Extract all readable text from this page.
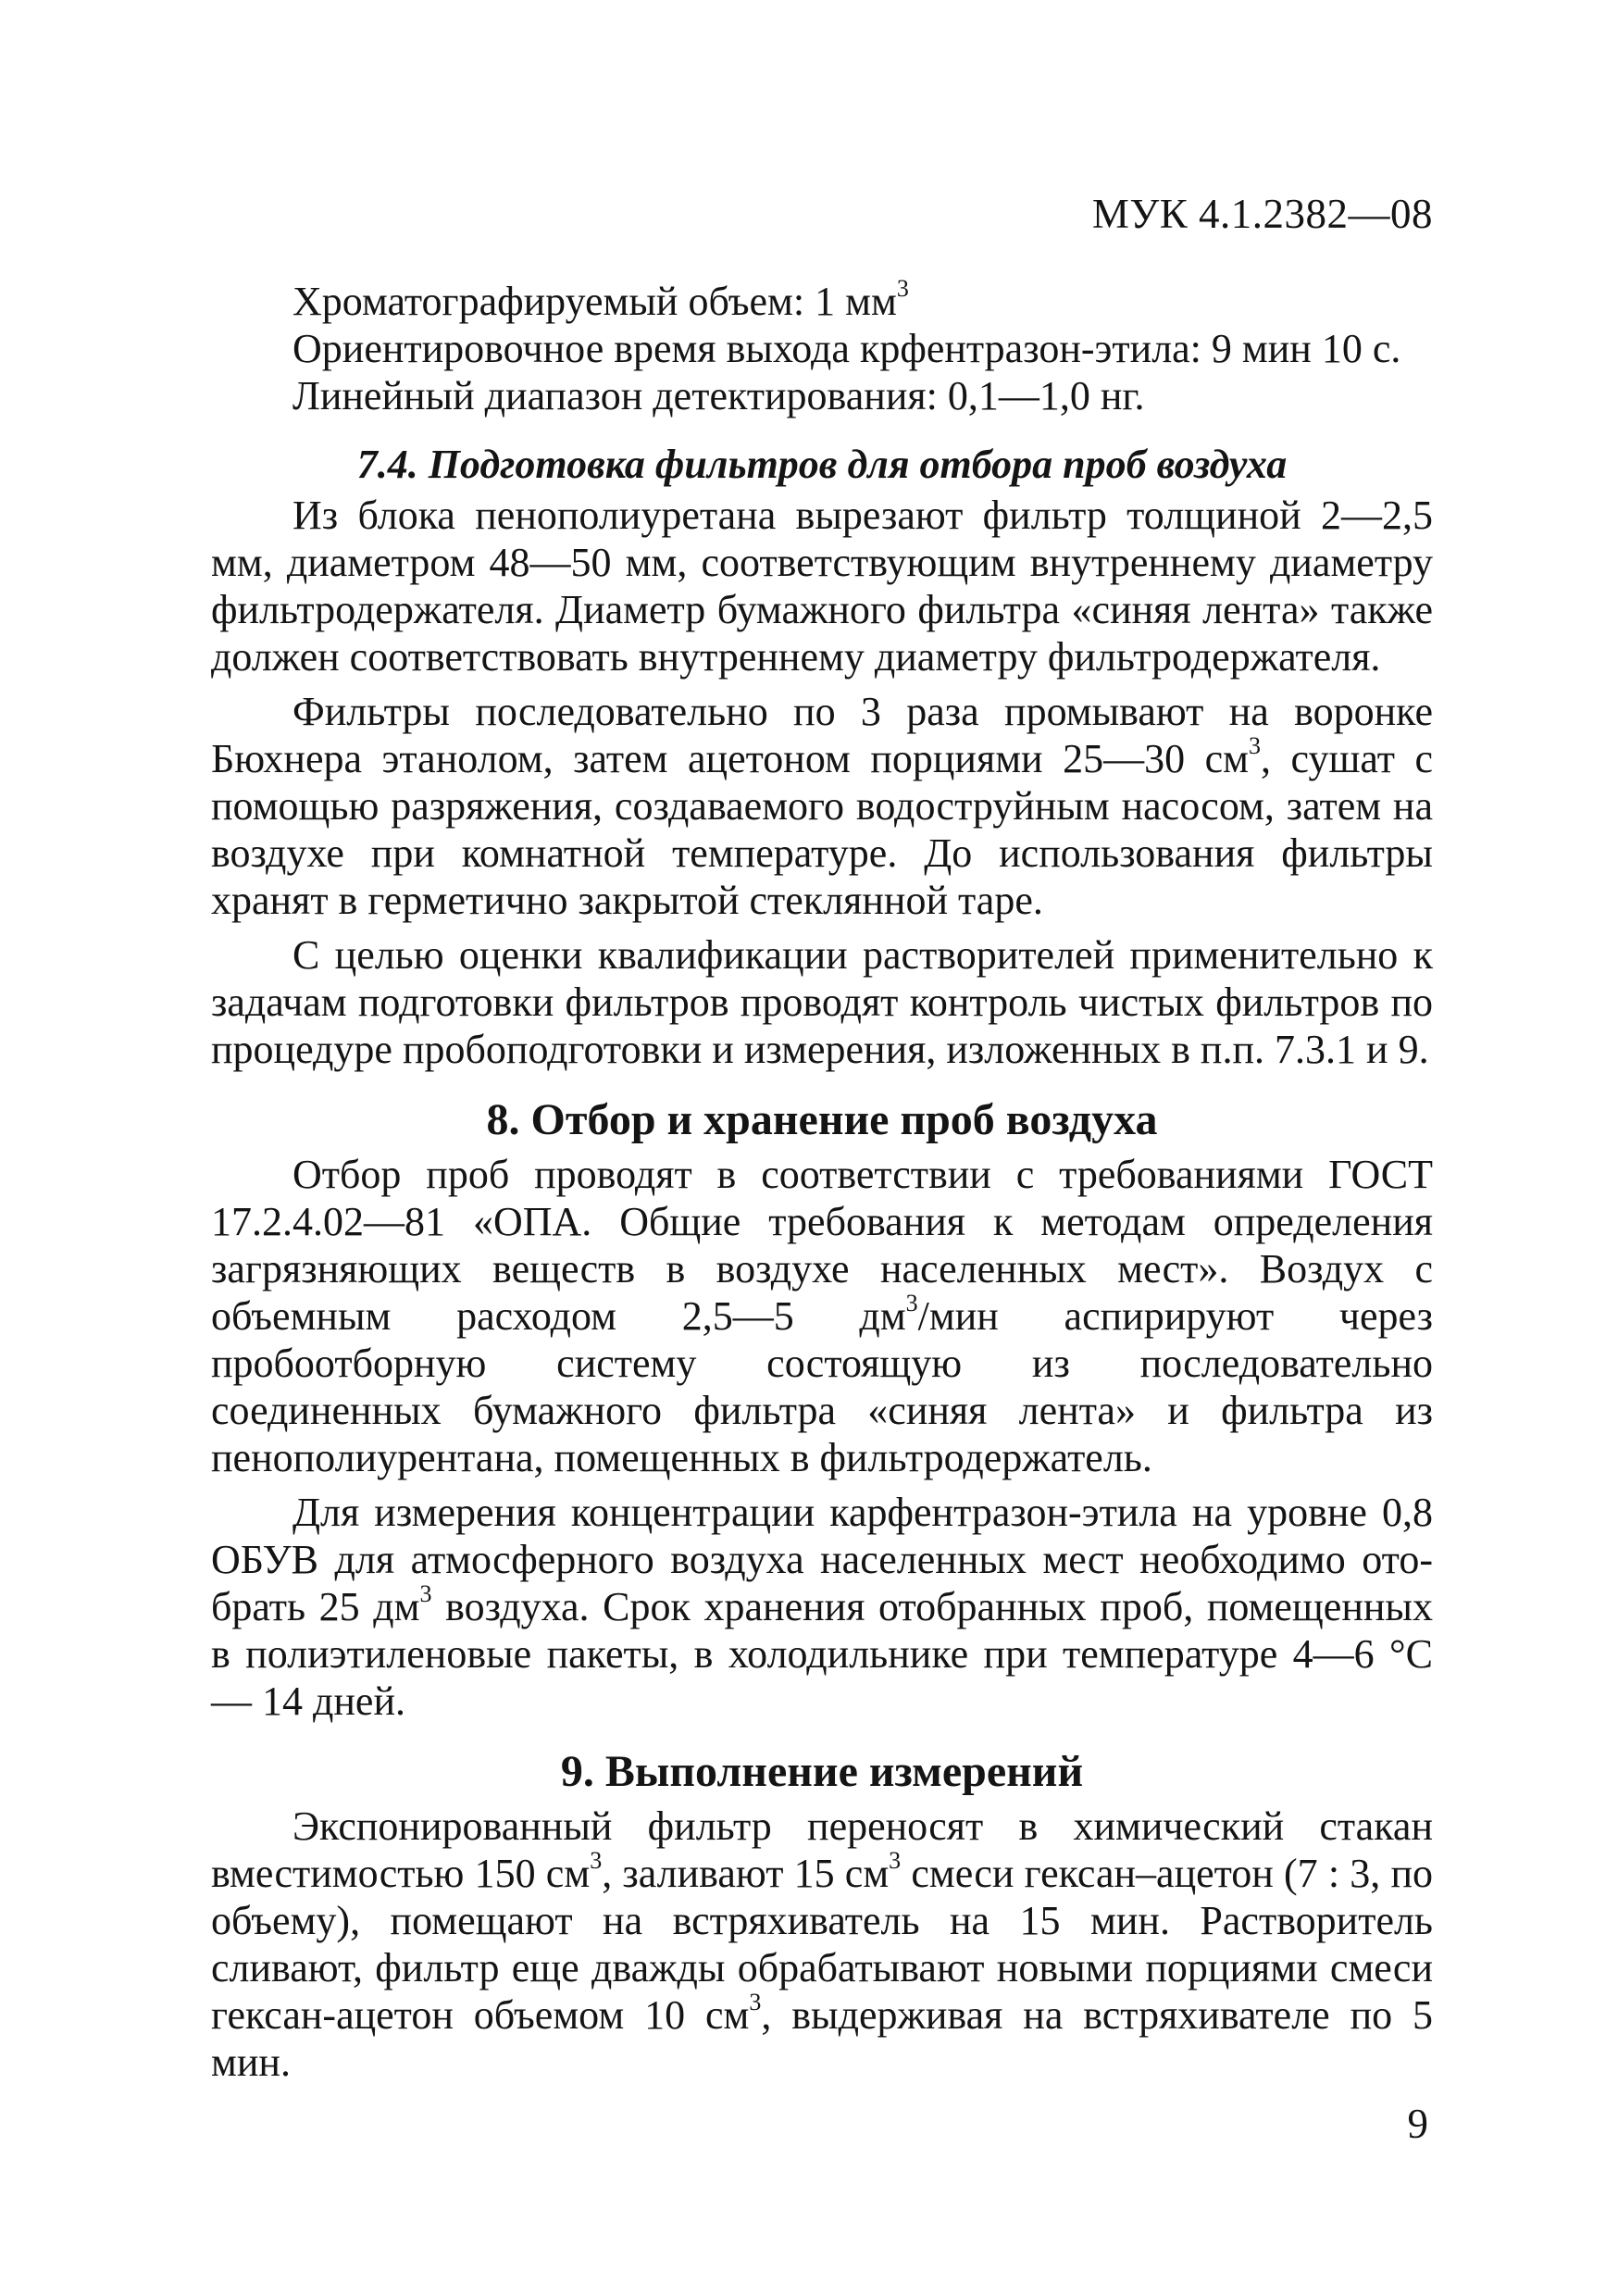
МУК 4.1.2382—08
Хроматографируемый объем: 1 $мм^3$
Ориентировочное время выхода крфентразон-этила: 9 мин 10 с.
Линейный диапазон детектирования: 0,1—1,0 нг.
7.4. Подготовка фильтров для отбора проб воздуха

Из блока пенополиуретана вырезают фильтр толщиной 2—2,5 мм, диаметром 48—50 мм, соответствующим внутреннему диаметру фильтродержателя. Диаметр бумажного фильтра «синяя лента» также должен соответствовать внутреннему диаметру фильтродержателя.

Фильтры последовательно по 3 раза промывают на воронке Бюхнера этанолом, затем ацетоном порциями 25—30 $см^3$, сушат с помощью разряжения, создаваемого водоструйным насосом, затем на воздухе при комнатной температуре. До использования фильтры хранят в герметично закрытой стеклянной таре.

С целью оценки квалификации растворителей применительно к задачам подготовки фильтров проводят контроль чистых фильтров по процедуре пробоподготовки и измерения, изложенных в п.п. 7.3.1 и 9.

8. Отбор и хранение проб воздуха

Отбор проб проводят в соответствии с требованиями ГОСТ 17.2.4.02—81 «ОПА. Общие требования к методам определения загрязняющих веществ в воздухе населенных мест». Воздух с объемным расходом 2,5—5 $дм^3$/мин аспирируют через пробоотборную систему состоящую из последовательно соединенных бумажного фильтра «синяя лента» и фильтра из пенополиурентана, помещенных в фильтродержатель.

Для измерения концентрации карфентразон-этила на уровне 0,8 ОБУВ для атмосферного воздуха населенных мест необходимо отобрать 25 $дм^3$ воздуха. Срок хранения отобранных проб, помещенных в полиэтиленовые пакеты, в холодильнике при температуре 4—6 °С — 14 дней.

9. Выполнение измерений

Экспонированный фильтр переносят в химический стакан вместимостью 150 $см^3$, заливают 15 $см^3$ смеси гексан–ацетон (7 : 3, по объему), помещают на встряхиватель на 15 мин. Растворитель сливают, фильтр еще дважды обрабатывают новыми порциями смеси гексан-ацетон объемом 10 $см^3$, выдерживая на встряхивателе по 5 мин.

9
